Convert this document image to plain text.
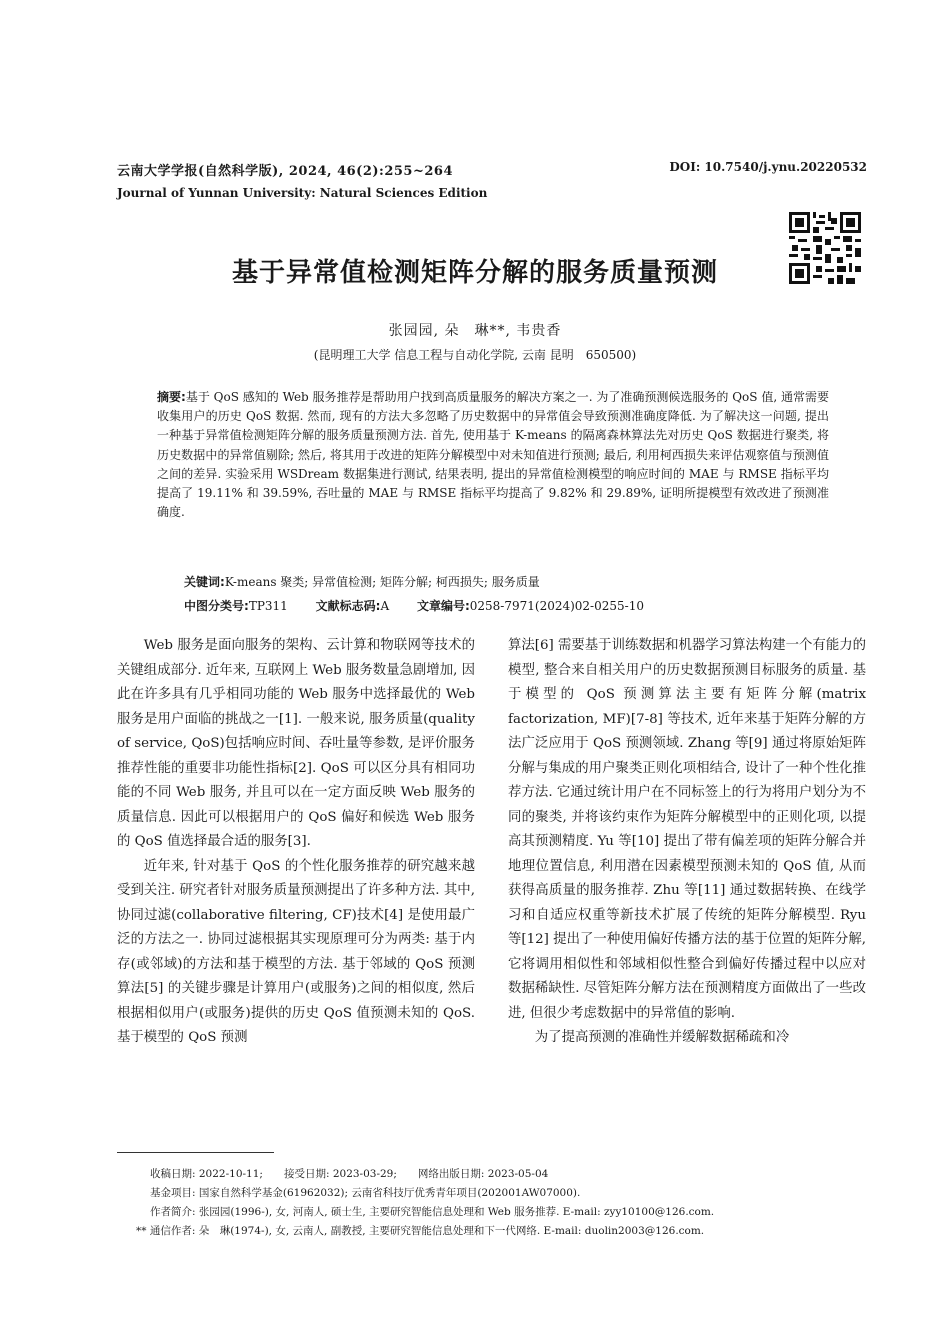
云南大学学报(自然科学版), 2024, 46(2):255~264
Journal of Yunnan University: Natural Sciences Edition
DOI: 10.7540/j.ynu.20220532
基于异常值检测矩阵分解的服务质量预测
张园园, 朵　琳**, 韦贵香
(昆明理工大学 信息工程与自动化学院, 云南 昆明　650500)
摘要:基于 QoS 感知的 Web 服务推荐是帮助用户找到高质量服务的解决方案之一. 为了准确预测候选服务的 QoS 值, 通常需要收集用户的历史 QoS 数据. 然而, 现有的方法大多忽略了历史数据中的异常值会导致预测准确度降低. 为了解决这一问题, 提出一种基于异常值检测矩阵分解的服务质量预测方法. 首先, 使用基于 K-means 的隔离森林算法先对历史 QoS 数据进行聚类, 将历史数据中的异常值剔除; 然后, 将其用于改进的矩阵分解模型中对未知值进行预测; 最后, 利用柯西损失来评估观察值与预测值之间的差异. 实验采用 WSDream 数据集进行测试, 结果表明, 提出的异常值检测模型的响应时间的 MAE 与 RMSE 指标平均提高了 19.11% 和 39.59%, 吞吐量的 MAE 与 RMSE 指标平均提高了 9.82% 和 29.89%, 证明所提模型有效改进了预测准确度.
关键词:K-means 聚类; 异常值检测; 矩阵分解; 柯西损失; 服务质量
中图分类号:TP311 文献标志码:A 文章编号:0258-7971(2024)02-0255-10

Web 服务是面向服务的架构、云计算和物联网等技术的关键组成部分. 近年来, 互联网上 Web 服务数量急剧增加, 因此在许多具有几乎相同功能的 Web 服务中选择最优的 Web 服务是用户面临的挑战之一[1]. 一般来说, 服务质量(quality of service, QoS)包括响应时间、吞吐量等参数, 是评价服务推荐性能的重要非功能性指标[2]. QoS 可以区分具有相同功能的不同 Web 服务, 并且可以在一定方面反映 Web 服务的质量信息. 因此可以根据用户的 QoS 偏好和候选 Web 服务的 QoS 值选择最合适的服务[3].

近年来, 针对基于 QoS 的个性化服务推荐的研究越来越受到关注. 研究者针对服务质量预测提出了许多种方法. 其中, 协同过滤(collaborative filtering, CF)技术[4] 是使用最广泛的方法之一. 协同过滤根据其实现原理可分为两类: 基于内存(或邻域)的方法和基于模型的方法. 基于邻域的 QoS 预测算法[5] 的关键步骤是计算用户(或服务)之间的相似度, 然后根据相似用户(或服务)提供的历史 QoS 值预测未知的 QoS. 基于模型的 QoS 预测

算法[6] 需要基于训练数据和机器学习算法构建一个有能力的模型, 整合来自相关用户的历史数据预测目标服务的质量. 基于模型的 QoS 预测算法主要有矩阵分解(matrix factorization, MF)[7-8] 等技术, 近年来基于矩阵分解的方法广泛应用于 QoS 预测领域. Zhang 等[9] 通过将原始矩阵分解与集成的用户聚类正则化项相结合, 设计了一种个性化推荐方法. 它通过统计用户在不同标签上的行为将用户划分为不同的聚类, 并将该约束作为矩阵分解模型中的正则化项, 以提高其预测精度. Yu 等[10] 提出了带有偏差项的矩阵分解合并地理位置信息, 利用潜在因素模型预测未知的 QoS 值, 从而获得高质量的服务推荐. Zhu 等[11] 通过数据转换、在线学习和自适应权重等新技术扩展了传统的矩阵分解模型. Ryu 等[12] 提出了一种使用偏好传播方法的基于位置的矩阵分解, 它将调用相似性和邻域相似性整合到偏好传播过程中以应对数据稀缺性. 尽管矩阵分解方法在预测精度方面做出了一些改进, 但很少考虑数据中的异常值的影响.

为了提高预测的准确性并缓解数据稀疏和冷

收稿日期: 2022-10-11;　　接受日期: 2023-03-29;　　网络出版日期: 2023-05-04
基金项目: 国家自然科学基金(61962032); 云南省科技厅优秀青年项目(202001AW07000).
作者简介: 张园园(1996-), 女, 河南人, 硕士生, 主要研究智能信息处理和 Web 服务推荐. E-mail: zyy10100@126.com.
** 通信作者: 朵　琳(1974-), 女, 云南人, 副教授, 主要研究智能信息处理和下一代网络. E-mail: duolin2003@126.com.
